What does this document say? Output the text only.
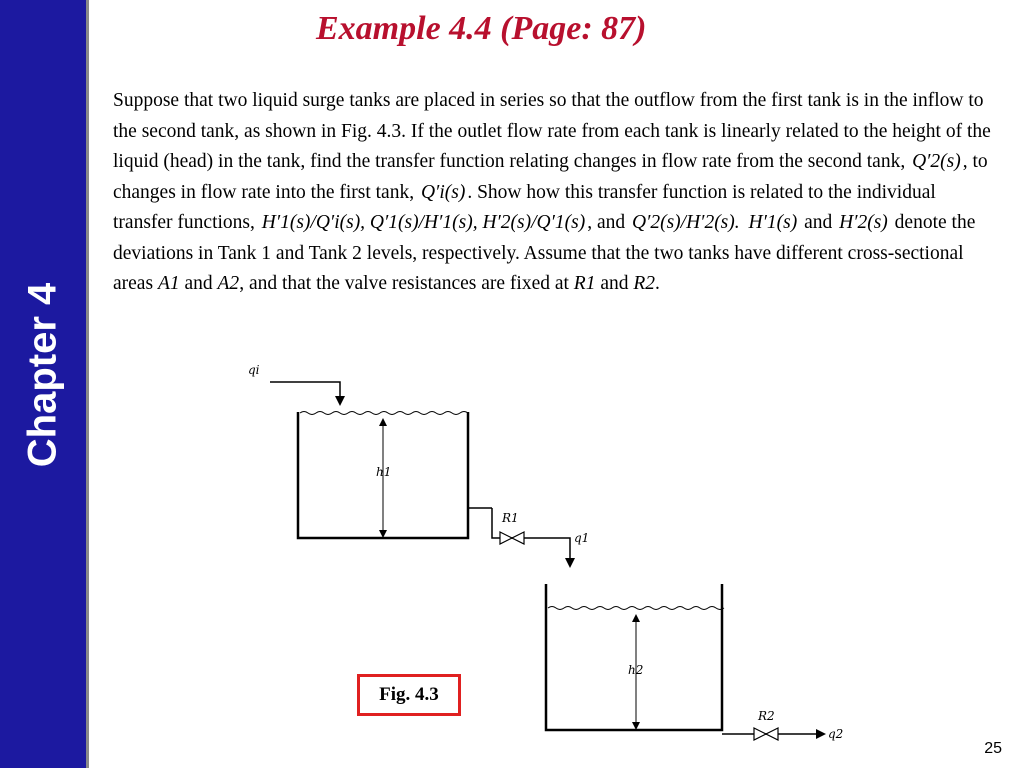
Chapter 4
Example 4.4 (Page: 87)
Suppose that two liquid surge tanks are placed in series so that the outflow from the first tank is in the inflow to the second tank, as shown in Fig. 4.3. If the outlet flow rate from each tank is linearly related to the height of the liquid (head) in the tank, find the transfer function relating changes in flow rate from the second tank, Q′2(s) , to changes in flow rate into the first tank, Q′i(s) . Show how this transfer function is related to the individual transfer functions, H′1(s)/Q′i(s), Q′1(s)/H′1(s), H′2(s)/Q′1(s) , and Q′2(s)/H′2(s). H′1(s) and H′2(s) denote the deviations in Tank 1 and Tank 2 levels, respectively. Assume that the two tanks have different cross-sectional areas A1 and A2, and that the valve resistances are fixed at R1 and R2.
qi
h1
R1
q1
h2
R2
q2
Fig. 4.3
25
